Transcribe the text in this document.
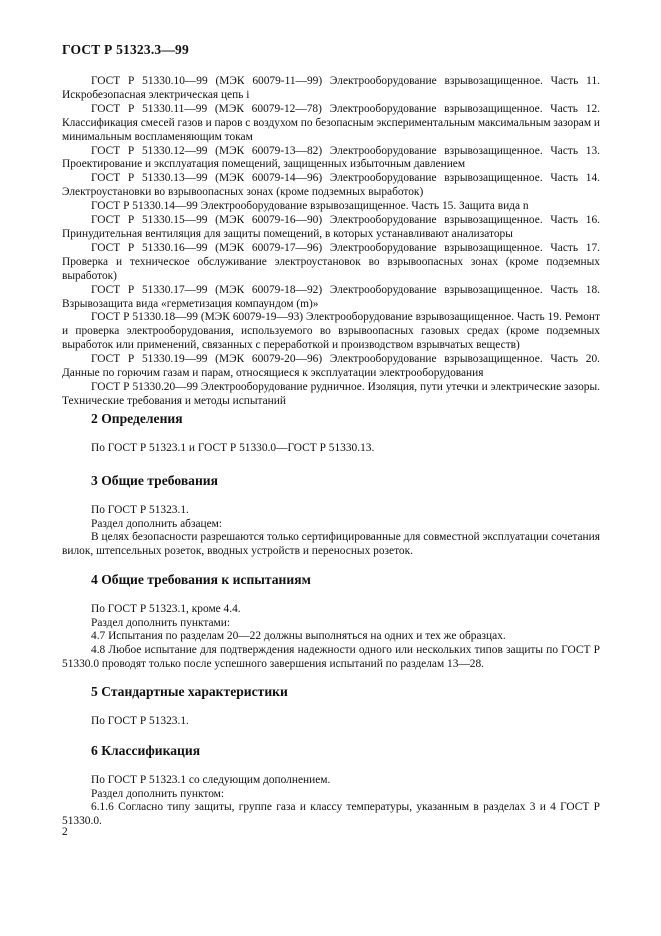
ГОСТ Р 51323.3—99

ГОСТ Р 51330.10—99 (МЭК 60079-11—99) Электрооборудование взрывозащищенное. Часть 11. Искробезопасная электрическая цепь i

ГОСТ Р 51330.11—99 (МЭК 60079-12—78) Электрооборудование взрывозащищенное. Часть 12. Классификация смесей газов и паров с воздухом по безопасным экспериментальным максимальным зазорам и минимальным воспламеняющим токам

ГОСТ Р 51330.12—99 (МЭК 60079-13—82) Электрооборудование взрывозащищенное. Часть 13. Проектирование и эксплуатация помещений, защищенных избыточным давлением

ГОСТ Р 51330.13—99 (МЭК 60079-14—96) Электрооборудование взрывозащищенное. Часть 14. Электроустановки во взрывоопасных зонах (кроме подземных выработок)

ГОСТ Р 51330.14—99 Электрооборудование взрывозащищенное. Часть 15. Защита вида n

ГОСТ Р 51330.15—99 (МЭК 60079-16—90) Электрооборудование взрывозащищенное. Часть 16. Принудительная вентиляция для защиты помещений, в которых устанавливают анализаторы

ГОСТ Р 51330.16—99 (МЭК 60079-17—96) Электрооборудование взрывозащищенное. Часть 17. Проверка и техническое обслуживание электроустановок во взрывоопасных зонах (кроме подземных выработок)

ГОСТ Р 51330.17—99 (МЭК 60079-18—92) Электрооборудование взрывозащищенное. Часть 18. Взрывозащита вида «герметизация компаундом (m)»

ГОСТ Р 51330.18—99 (МЭК 60079-19—93) Электрооборудование взрывозащищенное. Часть 19. Ремонт и проверка электрооборудования, используемого во взрывоопасных газовых средах (кроме подземных выработок или применений, связанных с переработкой и производством взрывчатых веществ)

ГОСТ Р 51330.19—99 (МЭК 60079-20—96) Электрооборудование взрывозащищенное. Часть 20. Данные по горючим газам и парам, относящиеся к эксплуатации электрооборудования

ГОСТ Р 51330.20—99 Электрооборудование рудничное. Изоляция, пути утечки и электрические зазоры. Технические требования и методы испытаний

2 Определения

По ГОСТ Р 51323.1 и ГОСТ Р 51330.0—ГОСТ Р 51330.13.

3 Общие требования

По ГОСТ Р 51323.1.

Раздел дополнить абзацем:

В целях безопасности разрешаются только сертифицированные для совместной эксплуатации сочетания вилок, штепсельных розеток, вводных устройств и переносных розеток.

4 Общие требования к испытаниям

По ГОСТ Р 51323.1, кроме 4.4.

Раздел дополнить пунктами:

4.7 Испытания по разделам 20—22 должны выполняться на одних и тех же образцах.

4.8 Любое испытание для подтверждения надежности одного или нескольких типов защиты по ГОСТ Р 51330.0 проводят только после успешного завершения испытаний по разделам 13—28.

5 Стандартные характеристики

По ГОСТ Р 51323.1.

6 Классификация

По ГОСТ Р 51323.1 со следующим дополнением.

Раздел дополнить пунктом:

6.1.6 Согласно типу защиты, группе газа и классу температуры, указанным в разделах 3 и 4 ГОСТ Р 51330.0.

2
